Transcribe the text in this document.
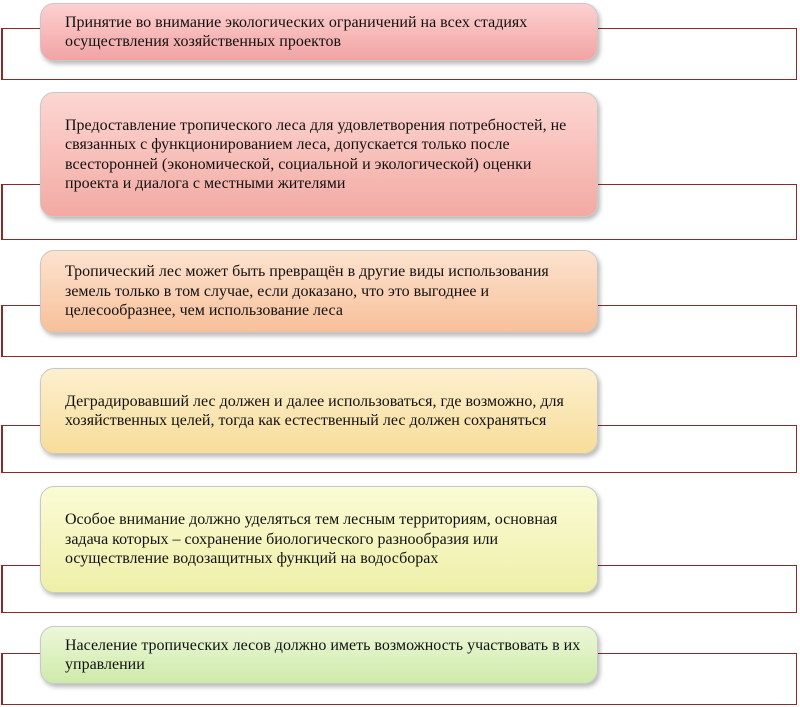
Принятие во внимание экологических ограничений на всех стадиях осуществления хозяйственных проектов
Предоставление тропического леса для удовлетворения потребностей, не связанных с функционированием леса, допускается только после всесторонней (экономической, социальной и экологической) оценки проекта и диалога с местными жителями
Тропический лес может быть превращён в другие виды использования земель только в том случае, если доказано, что это выгоднее и целесообразнее, чем использование леса
Деградировавший лес должен и далее использоваться, где возможно, для хозяйственных целей, тогда как естественный лес должен сохраняться
Особое внимание должно уделяться тем лесным территориям, основная задача которых – сохранение биологического разнообразия или осуществление водозащитных функций на водосборах
Население тропических лесов должно иметь возможность участвовать в их управлении
